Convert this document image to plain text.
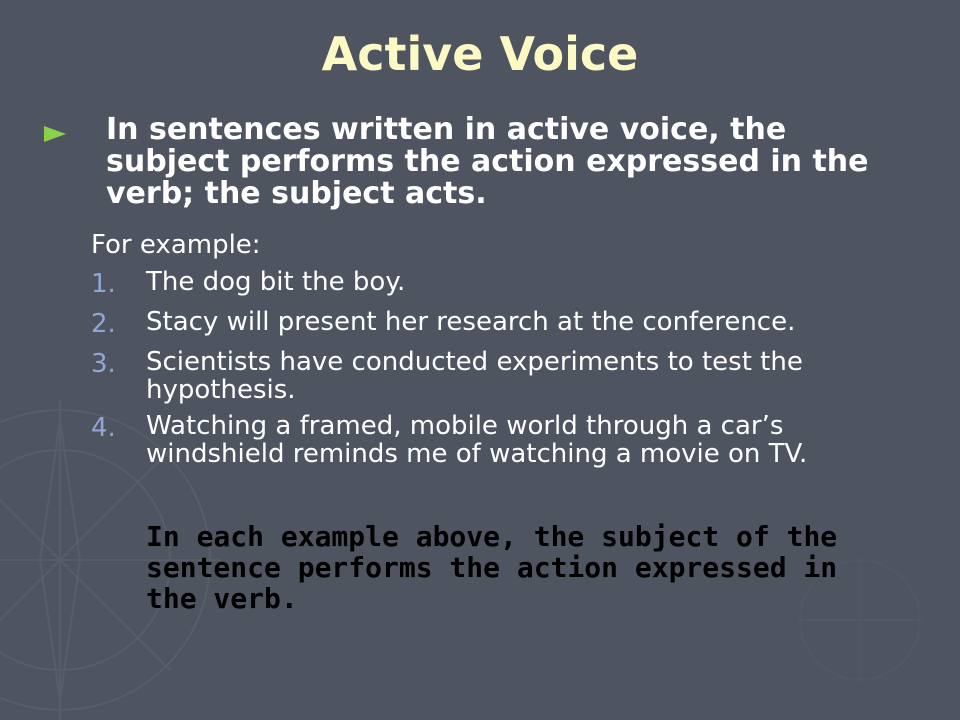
Active Voice
In sentences written in active voice, the subject performs the action expressed in the verb; the subject acts.
For example:
1.	The dog bit the boy.
2.	Stacy will present her research at the conference.
3.	Scientists have conducted experiments to test the hypothesis.
4.	Watching a framed, mobile world through a car’s windshield reminds me of watching a movie on TV.
In each example above, the subject of the sentence performs the action expressed in the verb.
